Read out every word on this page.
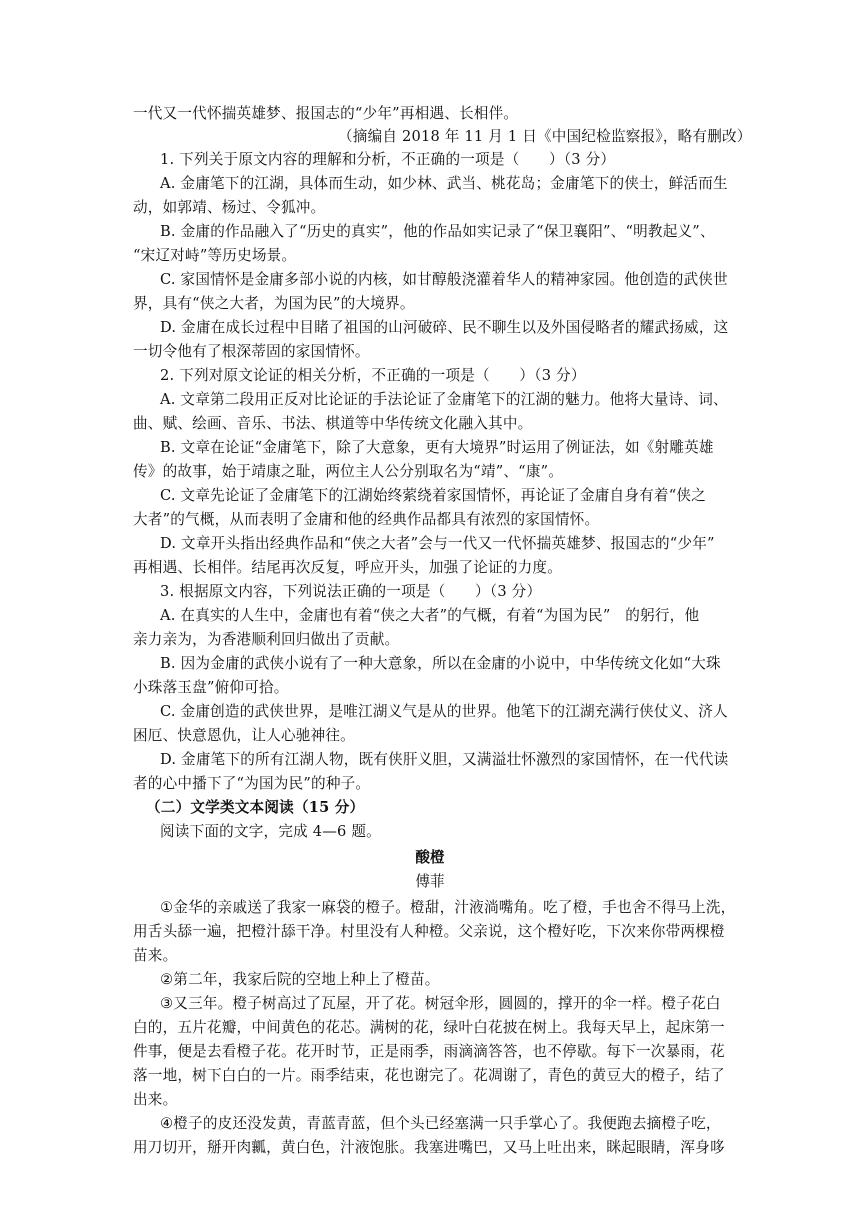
一代又一代怀揣英雄梦、报国志的“少年”再相遇、长相伴。
（摘编自 2018 年 11 月 1 日《中国纪检监察报》，略有删改）
1. 下列关于原文内容的理解和分析，不正确的一项是（　　）（3 分）
A. 金庸笔下的江湖，具体而生动，如少林、武当、桃花岛；金庸笔下的侠士，鲜活而生
动，如郭靖、杨过、令狐冲。
B. 金庸的作品融入了“历史的真实”，他的作品如实记录了“保卫襄阳”、“明教起义”、
“宋辽对峙”等历史场景。
C. 家国情怀是金庸多部小说的内核，如甘醇般浇灌着华人的精神家园。他创造的武侠世
界，具有“侠之大者，为国为民”的大境界。
D. 金庸在成长过程中目睹了祖国的山河破碎、民不聊生以及外国侵略者的耀武扬威，这
一切令他有了根深蒂固的家国情怀。
2. 下列对原文论证的相关分析，不正确的一项是（　　）（3 分）
A. 文章第二段用正反对比论证的手法论证了金庸笔下的江湖的魅力。他将大量诗、词、
曲、赋、绘画、音乐、书法、棋道等中华传统文化融入其中。
B. 文章在论证“金庸笔下，除了大意象，更有大境界”时运用了例证法，如《射雕英雄
传》的故事，始于靖康之耻，两位主人公分别取名为“靖”、“康”。
C. 文章先论证了金庸笔下的江湖始终萦绕着家国情怀，再论证了金庸自身有着“侠之
大者”的气概，从而表明了金庸和他的经典作品都具有浓烈的家国情怀。
D. 文章开头指出经典作品和“侠之大者”会与一代又一代怀揣英雄梦、报国志的“少年”
再相遇、长相伴。结尾再次反复，呼应开头，加强了论证的力度。
3. 根据原文内容，下列说法正确的一项是（　　）（3 分）
A. 在真实的人生中，金庸也有着“侠之大者”的气概，有着“为国为民”　的躬行，他
亲力亲为，为香港顺利回归做出了贡献。
B. 因为金庸的武侠小说有了一种大意象，所以在金庸的小说中，中华传统文化如“大珠
小珠落玉盘”俯仰可拾。
C. 金庸创造的武侠世界，是唯江湖义气是从的世界。他笔下的江湖充满行侠仗义、济人
困厄、快意恩仇，让人心驰神往。
D. 金庸笔下的所有江湖人物，既有侠肝义胆，又满溢壮怀激烈的家国情怀，在一代代读
者的心中播下了“为国为民”的种子。
（二）文学类文本阅读（15 分）
阅读下面的文字，完成 4—6 题。
酸橙
傅菲
①金华的亲戚送了我家一麻袋的橙子。橙甜，汁液淌嘴角。吃了橙，手也舍不得马上洗，
用舌头舔一遍，把橙汁舔干净。村里没有人种橙。父亲说，这个橙好吃，下次来你带两棵橙
苗来。
②第二年，我家后院的空地上种上了橙苗。
③又三年。橙子树高过了瓦屋，开了花。树冠伞形，圆圆的，撑开的伞一样。橙子花白
白的，五片花瓣，中间黄色的花芯。满树的花，绿叶白花披在树上。我每天早上，起床第一
件事，便是去看橙子花。花开时节，正是雨季，雨滴滴答答，也不停歇。每下一次暴雨，花
落一地，树下白白的一片。雨季结束，花也谢完了。花凋谢了，青色的黄豆大的橙子，结了
出来。
④橙子的皮还没发黄，青蓝青蓝，但个头已经塞满一只手掌心了。我便跑去摘橙子吃，
用刀切开，掰开肉瓤，黄白色，汁液饱胀。我塞进嘴巴，又马上吐出来，眯起眼睛，浑身哆
